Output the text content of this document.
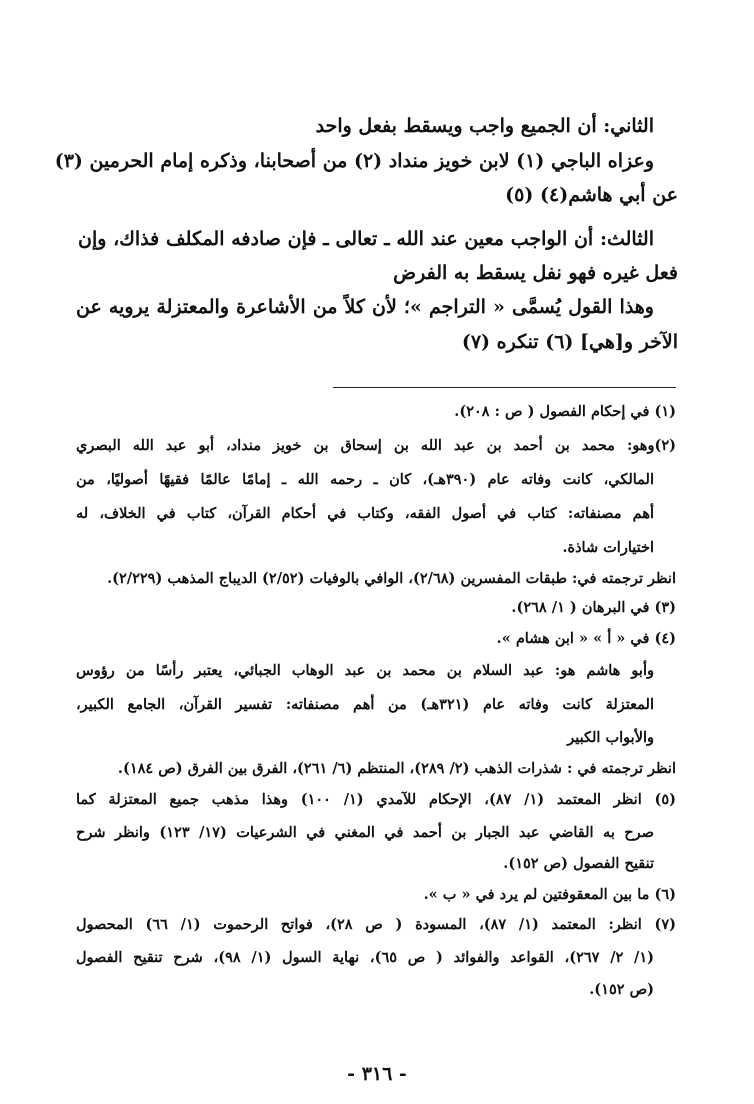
الثاني: أن الجميع واجب ويسقط بفعل واحد
وعزاه الباجي (١) لابن خويز منداد (٢) من أصحابنا، وذكره إمام الحرمين (٣)
عن أبي هاشم(٤) (٥)
الثالث: أن الواجب معين عند الله ـ تعالى ـ فإن صادفه المكلف فذاك، وإن
فعل غيره فهو نفل يسقط به الفرض
وهذا القول يُسمَّى « التراجم »؛ لأن كلاً من الأشاعرة والمعتزلة يرويه عن
الآخر و[هي] (٦) تنكره (٧)
(١) في إحكام الفصول ( ص : ٢٠٨).
(٢)وهو: محمد بن أحمد بن عبد الله بن إسحاق بن خويز منداد، أبو عبد الله البصري
المالكي، كانت وفاته عام (٣٩٠هـ)، كان ـ رحمه الله ـ إمامًا عالمًا فقيهًا أصوليًا، من
أهم مصنفاته: كتاب في أصول الفقه، وكتاب في أحكام القرآن، كتاب في الخلاف، له
اختيارات شاذة.
انظر ترجمته في: طبقات المفسرين (٢/٦٨)، الوافي بالوفيات (٢/٥٢) الديباج المذهب (٢/٢٢٩).
(٣) في البرهان ( ١/ ٢٦٨).
(٤) في « أ » « ابن هشام ».
وأبو هاشم هو: عبد السلام بن محمد بن عبد الوهاب الجبائي، يعتبر رأسًا من رؤوس
المعتزلة كانت وفاته عام (٣٢١هـ) من أهم مصنفاته: تفسير القرآن، الجامع الكبير،
والأبواب الكبير
انظر ترجمته في : شذرات الذهب (٢/ ٢٨٩)، المنتظم (٦/ ٢٦١)، الفرق بين الفرق (ص ١٨٤).
(٥) انظر المعتمد (١/ ٨٧)، الإحكام للآمدي (١/ ١٠٠) وهذا مذهب جميع المعتزلة كما
صرح به القاضي عبد الجبار بن أحمد في المغني في الشرعيات (١٧/ ١٢٣) وانظر شرح
تنقيح الفصول (ص ١٥٢).
(٦) ما بين المعقوفتين لم يرد في « ب ».
(٧) انظر: المعتمد (١/ ٨٧)، المسودة ( ص ٢٨)، فواتح الرحموت (١/ ٦٦) المحصول
(١/ ٢/ ٢٦٧)، القواعد والفوائد ( ص ٦٥)، نهاية السول (١/ ٩٨)، شرح تنقيح الفصول
(ص ١٥٢).
- ٣١٦ -
